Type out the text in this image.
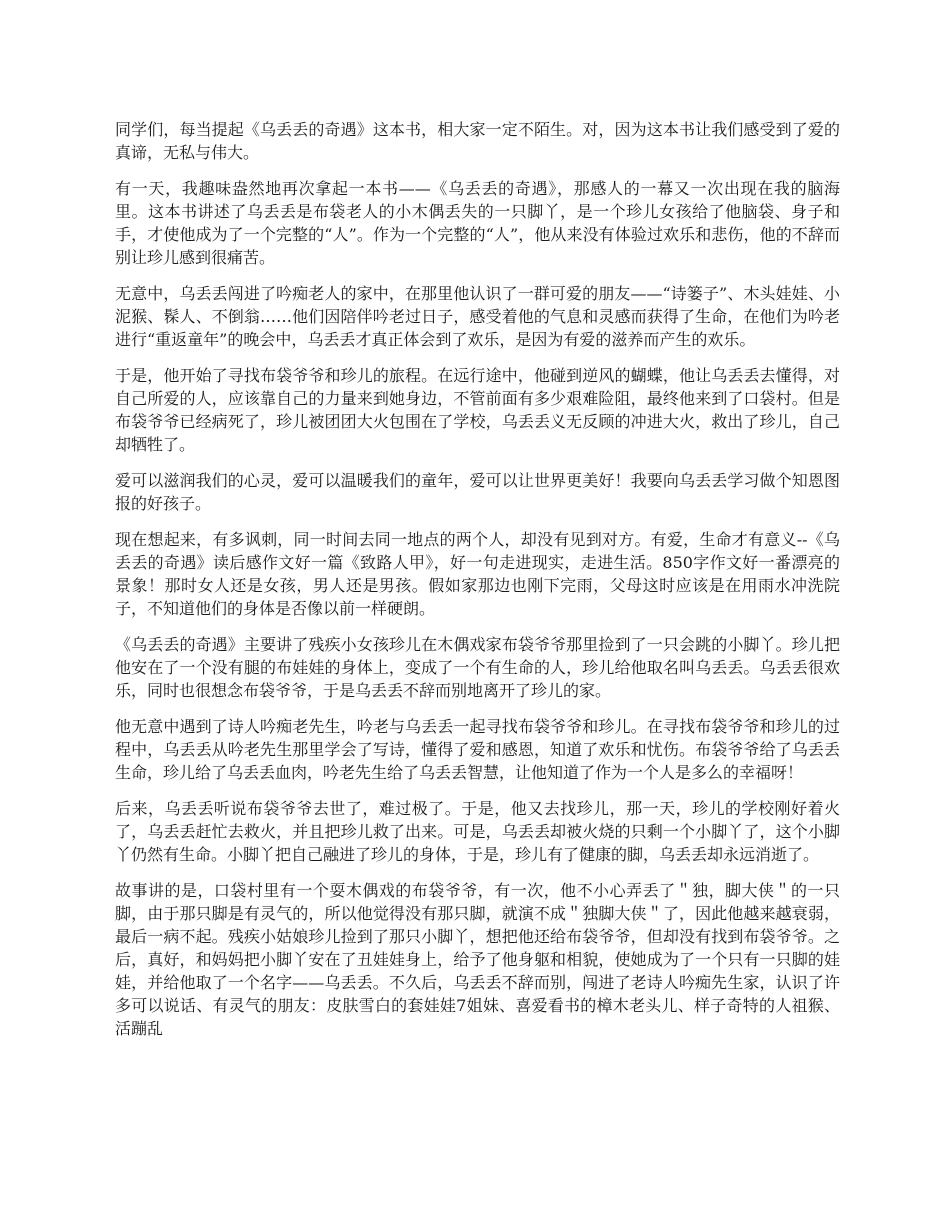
同学们，每当提起《乌丢丢的奇遇》这本书，相大家一定不陌生。对，因为这本书让我们感受到了爱的真谛，无私与伟大。

有一天，我趣味盎然地再次拿起一本书——《乌丢丢的奇遇》，那感人的一幕又一次出现在我的脑海里。这本书讲述了乌丢丢是布袋老人的小木偶丢失的一只脚丫，是一个珍儿女孩给了他脑袋、身子和手，才使他成为了一个完整的“人”。作为一个完整的“人”，他从来没有体验过欢乐和悲伤，他的不辞而别让珍儿感到很痛苦。

无意中，乌丢丢闯进了吟痴老人的家中，在那里他认识了一群可爱的朋友——“诗篓子”、木头娃娃、小泥猴、髹人、不倒翁……他们因陪伴吟老过日子，感受着他的气息和灵感而获得了生命，在他们为吟老进行“重返童年”的晚会中，乌丢丢才真正体会到了欢乐，是因为有爱的滋养而产生的欢乐。

于是，他开始了寻找布袋爷爷和珍儿的旅程。在远行途中，他碰到逆风的蝴蝶，他让乌丢丢去懂得，对自己所爱的人，应该靠自己的力量来到她身边，不管前面有多少艰难险阻，最终他来到了口袋村。但是布袋爷爷已经病死了，珍儿被团团大火包围在了学校，乌丢丢义无反顾的冲进大火，救出了珍儿，自己却牺牲了。

爱可以滋润我们的心灵，爱可以温暖我们的童年，爱可以让世界更美好！我要向乌丢丢学习做个知恩图报的好孩子。

现在想起来，有多讽刺，同一时间去同一地点的两个人，却没有见到对方。有爱，生命才有意义--《乌丢丢的奇遇》读后感作文好一篇《致路人甲》，好一句走进现实，走进生活。850字作文好一番漂亮的景象！那时女人还是女孩，男人还是男孩。假如家那边也刚下完雨，父母这时应该是在用雨水冲洗院子，不知道他们的身体是否像以前一样硬朗。

《乌丢丢的奇遇》主要讲了残疾小女孩珍儿在木偶戏家布袋爷爷那里捡到了一只会跳的小脚丫。珍儿把他安在了一个没有腿的布娃娃的身体上，变成了一个有生命的人，珍儿给他取名叫乌丢丢。乌丢丢很欢乐，同时也很想念布袋爷爷，于是乌丢丢不辞而别地离开了珍儿的家。

他无意中遇到了诗人吟痴老先生，吟老与乌丢丢一起寻找布袋爷爷和珍儿。在寻找布袋爷爷和珍儿的过程中，乌丢丢从吟老先生那里学会了写诗，懂得了爱和感恩，知道了欢乐和忧伤。布袋爷爷给了乌丢丢生命，珍儿给了乌丢丢血肉，吟老先生给了乌丢丢智慧，让他知道了作为一个人是多么的幸福呀！

后来，乌丢丢听说布袋爷爷去世了，难过极了。于是，他又去找珍儿，那一天，珍儿的学校刚好着火了，乌丢丢赶忙去救火，并且把珍儿救了出来。可是，乌丢丢却被火烧的只剩一个小脚丫了，这个小脚丫仍然有生命。小脚丫把自己融进了珍儿的身体，于是，珍儿有了健康的脚，乌丢丢却永远消逝了。

故事讲的是，口袋村里有一个耍木偶戏的布袋爷爷，有一次，他不小心弄丢了＂独，脚大侠＂的一只脚，由于那只脚是有灵气的，所以他觉得没有那只脚，就演不成＂独脚大侠＂了，因此他越来越衰弱，最后一病不起。残疾小姑娘珍儿捡到了那只小脚丫，想把他还给布袋爷爷，但却没有找到布袋爷爷。之后，真好，和妈妈把小脚丫安在了丑娃娃身上，给予了他身躯和相貌，使她成为了一个只有一只脚的娃娃，并给他取了一个名字——乌丢丢。不久后，乌丢丢不辞而别，闯进了老诗人吟痴先生家，认识了许多可以说话、有灵气的朋友：皮肤雪白的套娃娃7姐妹、喜爱看书的樟木老头儿、样子奇特的人祖猴、活蹦乱
